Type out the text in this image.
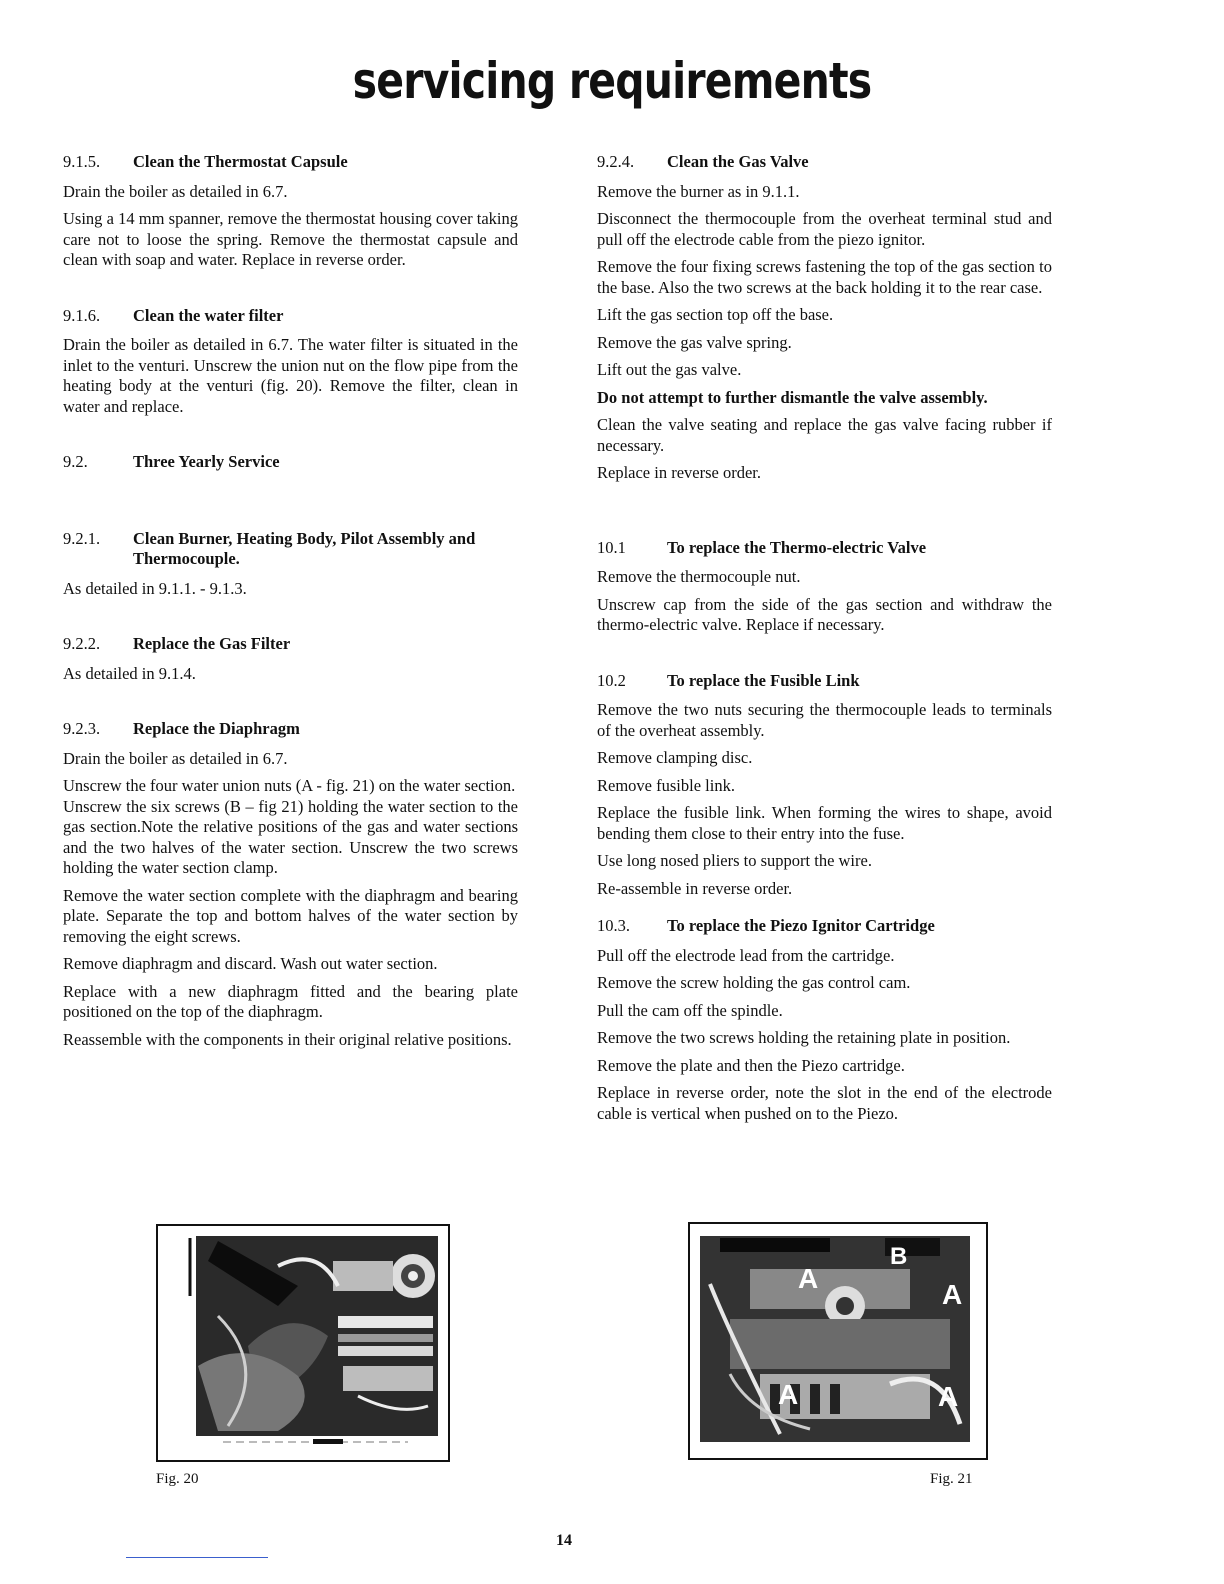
servicing requirements
9.1.5.	Clean the Thermostat Capsule

Drain the boiler as detailed in 6.7.

Using a 14 mm spanner, remove the thermostat housing cover taking care not to loose the spring. Remove the thermostat capsule and clean with soap and water. Replace in reverse order.

9.1.6.	Clean the water filter

Drain the boiler as detailed in 6.7. The water filter is situated in the inlet to the venturi. Unscrew the union nut on the flow pipe from the heating body at the venturi (fig. 20). Remove the filter, clean in water and replace.

9.2.	Three Yearly Service
9.2.1.	Clean Burner, Heating Body, Pilot Assembly and Thermocouple.

As detailed in 9.1.1. - 9.1.3.

9.2.2.	Replace the Gas Filter

As detailed in 9.1.4.

9.2.3.	Replace the Diaphragm

Drain the boiler as detailed in 6.7.

Unscrew the four water union nuts (A - fig. 21) on the water section.

Unscrew the six screws (B – fig 21) holding the water section to the gas section.Note the relative positions of the gas and water sections and the two halves of the water section. Unscrew the two screws holding the water section clamp.

Remove the water section complete with the diaphragm and bearing plate. Separate the top and bottom halves of the water section by removing the eight screws.

Remove diaphragm and discard. Wash out water section.

Replace with a new diaphragm fitted and the bearing plate positioned on the top of the diaphragm.

Reassemble with the components in their original relative positions.

9.2.4.	Clean the Gas Valve

Remove the burner as in 9.1.1.

Disconnect the thermocouple from the overheat terminal stud and pull off the electrode cable from the piezo ignitor.

Remove the four fixing screws fastening the top of the gas section to the base. Also the two screws at the back holding it to the rear case.

Lift the gas section top off the base.

Remove the gas valve spring.

Lift out the gas valve.

Do not attempt to further dismantle the valve assembly.

Clean the valve seating and replace the gas valve facing rubber if necessary.

Replace in reverse order.

10.1	To replace the Thermo-electric Valve

Remove the thermocouple nut.

Unscrew cap from the side of the gas section and withdraw the thermo-electric valve. Replace if necessary.

10.2	To replace the Fusible Link

Remove the two nuts securing the thermocouple leads to terminals of the overheat assembly.

Remove clamping disc.

Remove fusible link.

Replace the fusible link. When forming the wires to shape, avoid bending them close to their entry into the fuse.

Use long nosed pliers to support the wire.

Re-assemble in reverse order.

10.3.	To replace the Piezo Ignitor Cartridge

Pull off the electrode lead from the cartridge.

Remove the screw holding the gas control cam.

Pull the cam off the spindle.

Remove the two screws holding the retaining plate in position.

Remove the plate and then the Piezo cartridge.

Replace in reverse order, note the slot in the end of the electrode cable is vertical when pushed on to the Piezo.

Fig. 20
A
B
A
A	A
Fig. 21
14
